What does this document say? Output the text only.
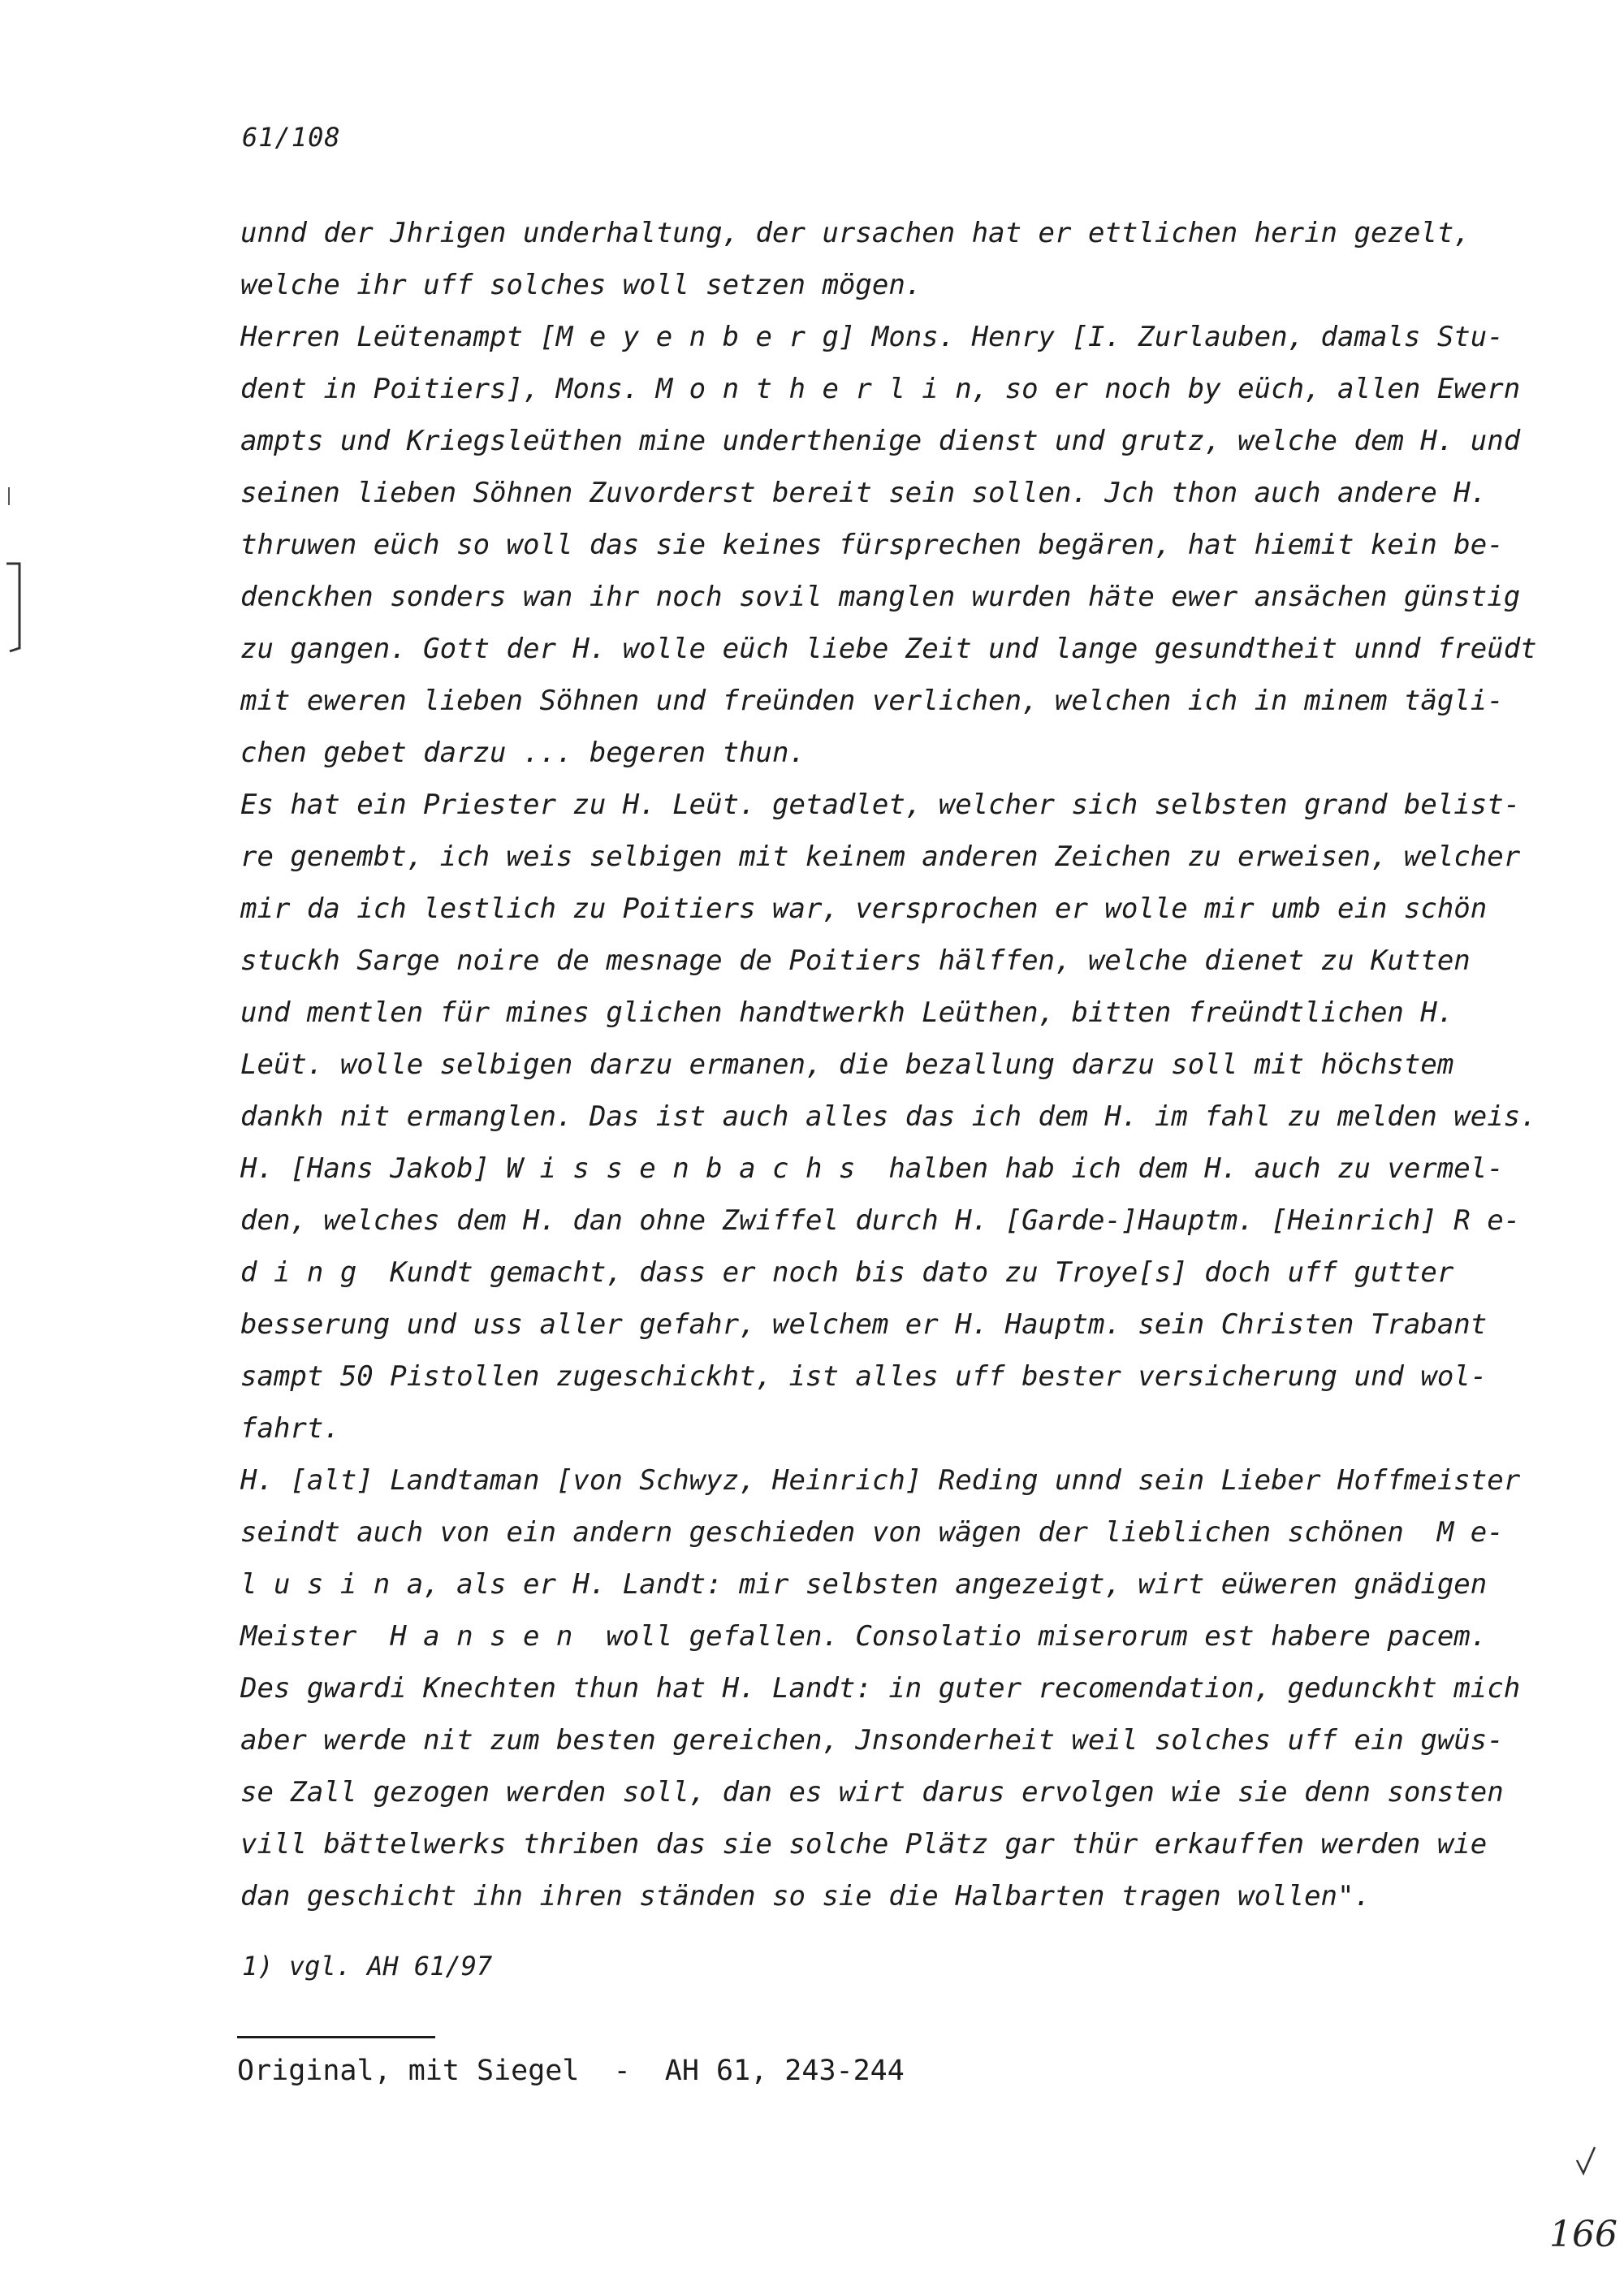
61/108
unnd der Jhrigen underhaltung, der ursachen hat er ettlichen herin gezelt,
welche ihr uff solches woll setzen mögen.
Herren Leütenampt [M e y e n b e r g] Mons. Henry [I. Zurlauben, damals Stu-
dent in Poitiers], Mons. M o n t h e r l i n, so er noch by eüch, allen Ewern
ampts und Kriegsleüthen mine underthenige dienst und grutz, welche dem H. und
seinen lieben Söhnen Zuvorderst bereit sein sollen. Jch thon auch andere H.
thruwen eüch so woll das sie keines fürsprechen begären, hat hiemit kein be-
denckhen sonders wan ihr noch sovil manglen wurden häte ewer ansächen günstig
zu gangen. Gott der H. wolle eüch liebe Zeit und lange gesundtheit unnd freüdt
mit eweren lieben Söhnen und freünden verlichen, welchen ich in minem tägli-
chen gebet darzu ... begeren thun.
Es hat ein Priester zu H. Leüt. getadlet, welcher sich selbsten grand belist-
re genembt, ich weis selbigen mit keinem anderen Zeichen zu erweisen, welcher
mir da ich lestlich zu Poitiers war, versprochen er wolle mir umb ein schön
stuckh Sarge noire de mesnage de Poitiers hälffen, welche dienet zu Kutten
und mentlen für mines glichen handtwerkh Leüthen, bitten freündtlichen H.
Leüt. wolle selbigen darzu ermanen, die bezallung darzu soll mit höchstem
dankh nit ermanglen. Das ist auch alles das ich dem H. im fahl zu melden weis.
H. [Hans Jakob] W i s s e n b a c h s  halben hab ich dem H. auch zu vermel-
den, welches dem H. dan ohne Zwiffel durch H. [Garde-]Hauptm. [Heinrich] R e-
d i n g  Kundt gemacht, dass er noch bis dato zu Troye[s] doch uff gutter
besserung und uss aller gefahr, welchem er H. Hauptm. sein Christen Trabant
sampt 50 Pistollen zugeschickht, ist alles uff bester versicherung und wol-
fahrt.
H. [alt] Landtaman [von Schwyz, Heinrich] Reding unnd sein Lieber Hoffmeister
seindt auch von ein andern geschieden von wägen der lieblichen schönen  M e-
l u s i n a, als er H. Landt: mir selbsten angezeigt, wirt eüweren gnädigen
Meister  H a n s e n  woll gefallen. Consolatio miserorum est habere pacem.
Des gwardi Knechten thun hat H. Landt: in guter recomendation, gedunckht mich
aber werde nit zum besten gereichen, Jnsonderheit weil solches uff ein gwüs-
se Zall gezogen werden soll, dan es wirt darus ervolgen wie sie denn sonsten
vill bättelwerks thriben das sie solche Plätz gar thür erkauffen werden wie
dan geschicht ihn ihren ständen so sie die Halbarten tragen wollen".
1) vgl. AH 61/97
Original, mit Siegel  -  AH 61, 243-244
166
